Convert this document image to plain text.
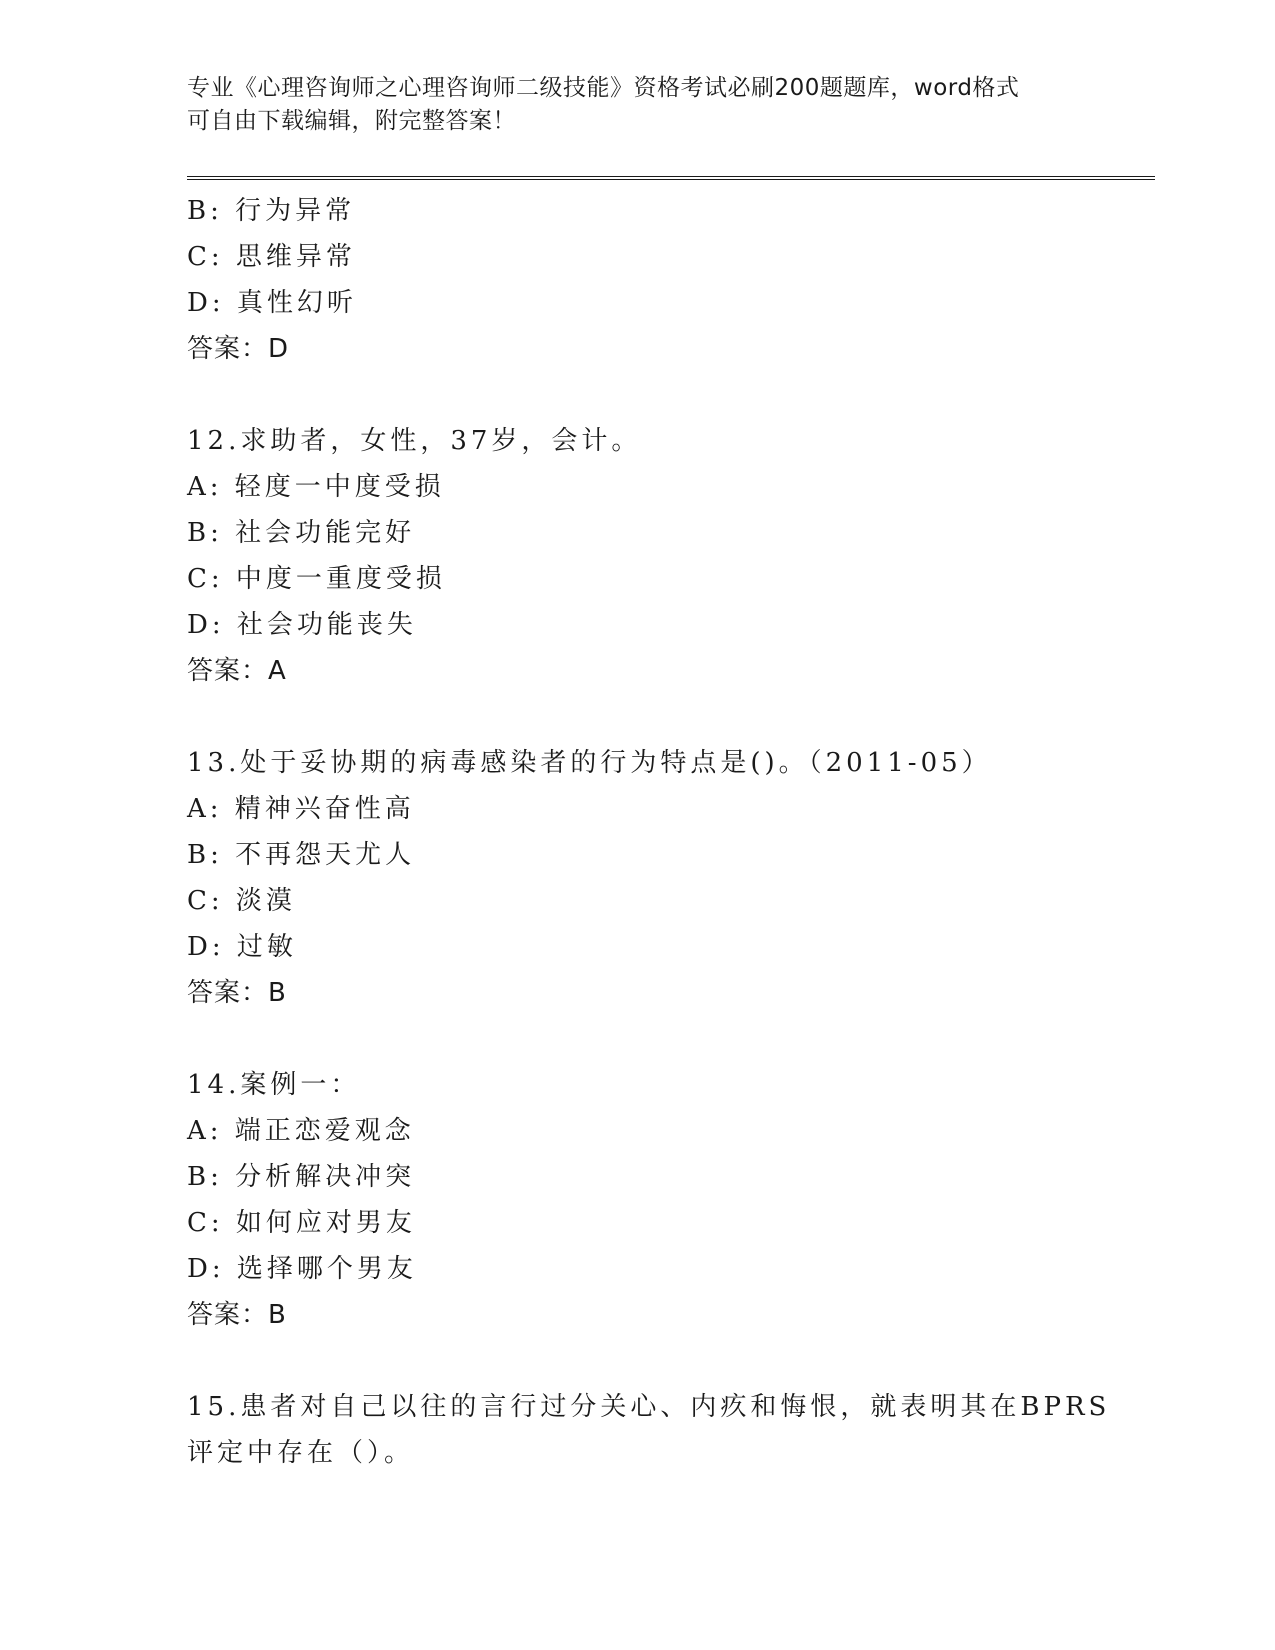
专业《心理咨询师之心理咨询师二级技能》资格考试必刷200题题库，word格式
可自由下载编辑，附完整答案！
B: 行为异常
C: 思维异常
D: 真性幻听
答案：D
12.求助者，女性，37岁，会计。
A: 轻度一中度受损
B: 社会功能完好
C: 中度一重度受损
D: 社会功能丧失
答案：A
13.处于妥协期的病毒感染者的行为特点是()。（2011-05）
A: 精神兴奋性高
B: 不再怨天尤人
C: 淡漠
D: 过敏
答案：B
14.案例一：
A: 端正恋爱观念
B: 分析解决冲突
C: 如何应对男友
D: 选择哪个男友
答案：B
15.患者对自己以往的言行过分关心、内疚和悔恨，就表明其在BPRS
评定中存在（）。
